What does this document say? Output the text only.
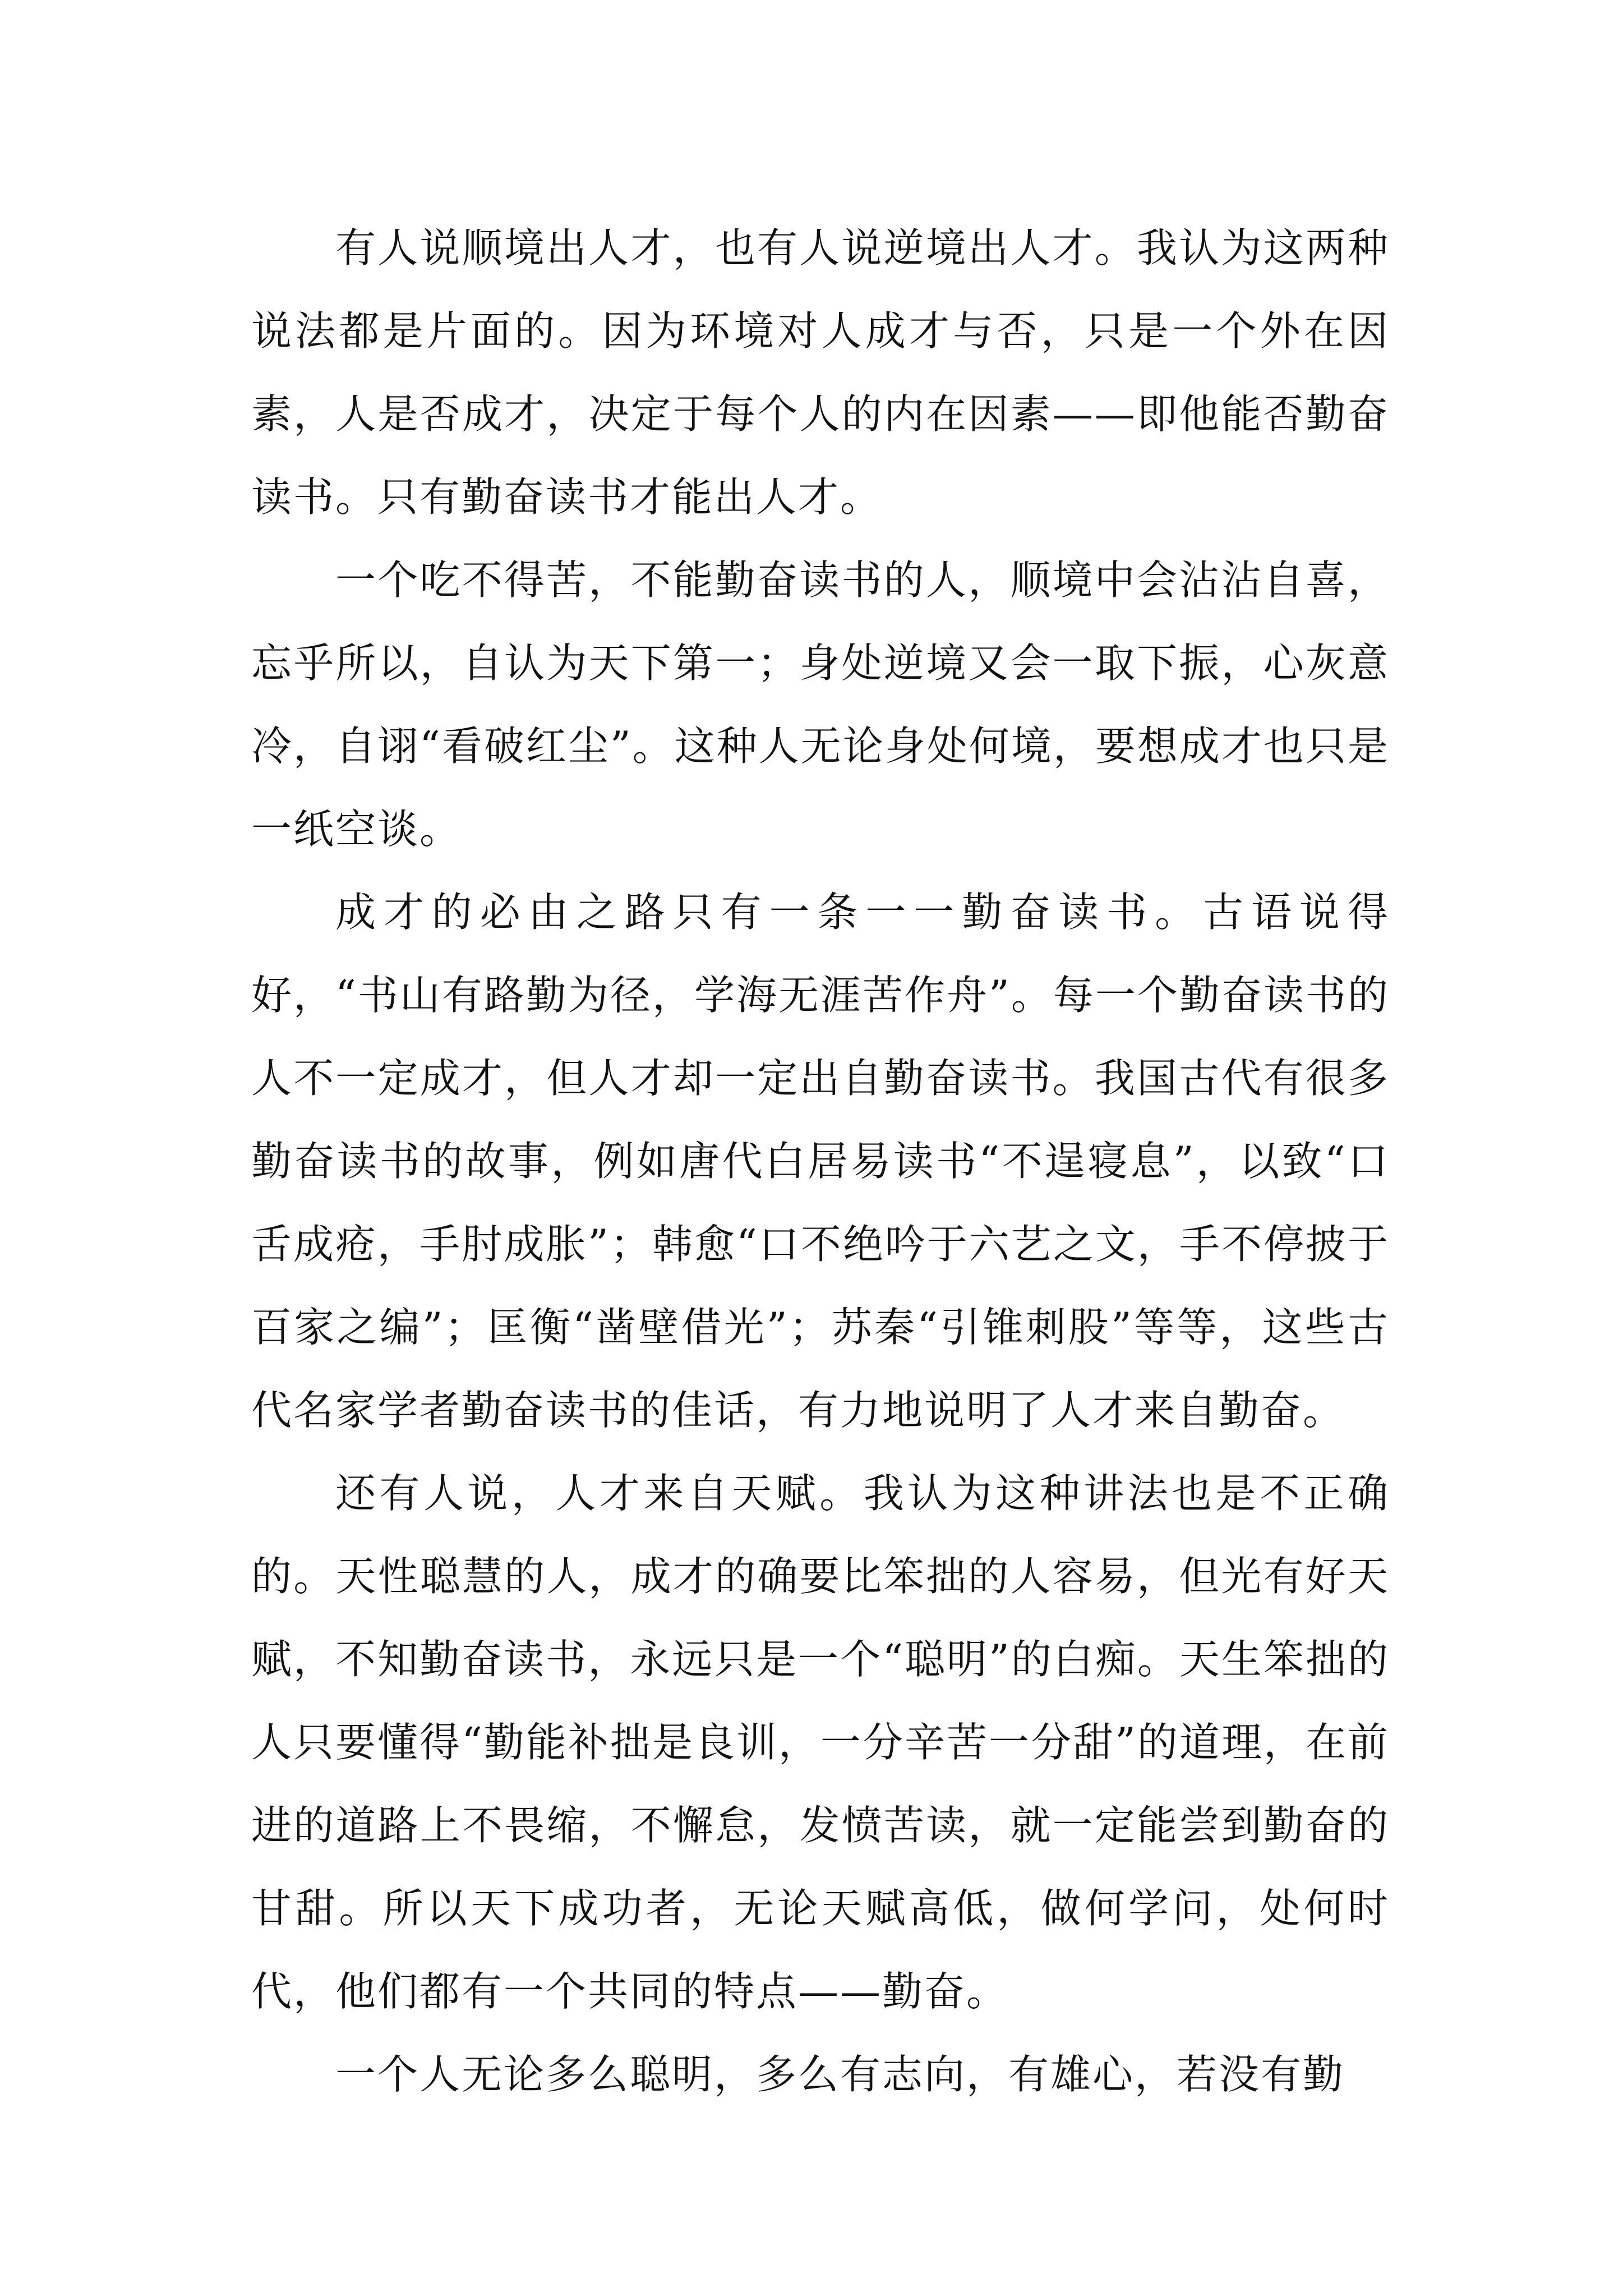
有人说顺境出人才，也有人说逆境出人才。我认为这两种说法都是片面的。因为环境对人成才与否，只是一个外在因素，人是否成才，决定于每个人的内在因素——即他能否勤奋读书。只有勤奋读书才能出人才。

一个吃不得苦，不能勤奋读书的人，顺境中会沾沾自喜，忘乎所以，自认为天下第一；身处逆境又会一取下振，心灰意冷，自诩“看破红尘”。这种人无论身处何境，要想成才也只是一纸空谈。

成才的必由之路只有一条一一勤奋读书。古语说得好，“书山有路勤为径，学海无涯苦作舟”。每一个勤奋读书的人不一定成才，但人才却一定出自勤奋读书。我国古代有很多勤奋读书的故事，例如唐代白居易读书“不逞寝息”，以致“口舌成疮，手肘成胀”；韩愈“口不绝吟于六艺之文，手不停披于百家之编”；匡衡“凿壁借光”；苏秦“引锥刺股”等等，这些古代名家学者勤奋读书的佳话，有力地说明了人才来自勤奋。

还有人说，人才来自天赋。我认为这种讲法也是不正确的。天性聪慧的人，成才的确要比笨拙的人容易，但光有好天赋，不知勤奋读书，永远只是一个“聪明”的白痴。天生笨拙的人只要懂得“勤能补拙是良训，一分辛苦一分甜”的道理，在前进的道路上不畏缩，不懈怠，发愤苦读，就一定能尝到勤奋的甘甜。所以天下成功者，无论天赋高低，做何学问，处何时代，他们都有一个共同的特点——勤奋。

一个人无论多么聪明，多么有志向，有雄心，若没有勤
